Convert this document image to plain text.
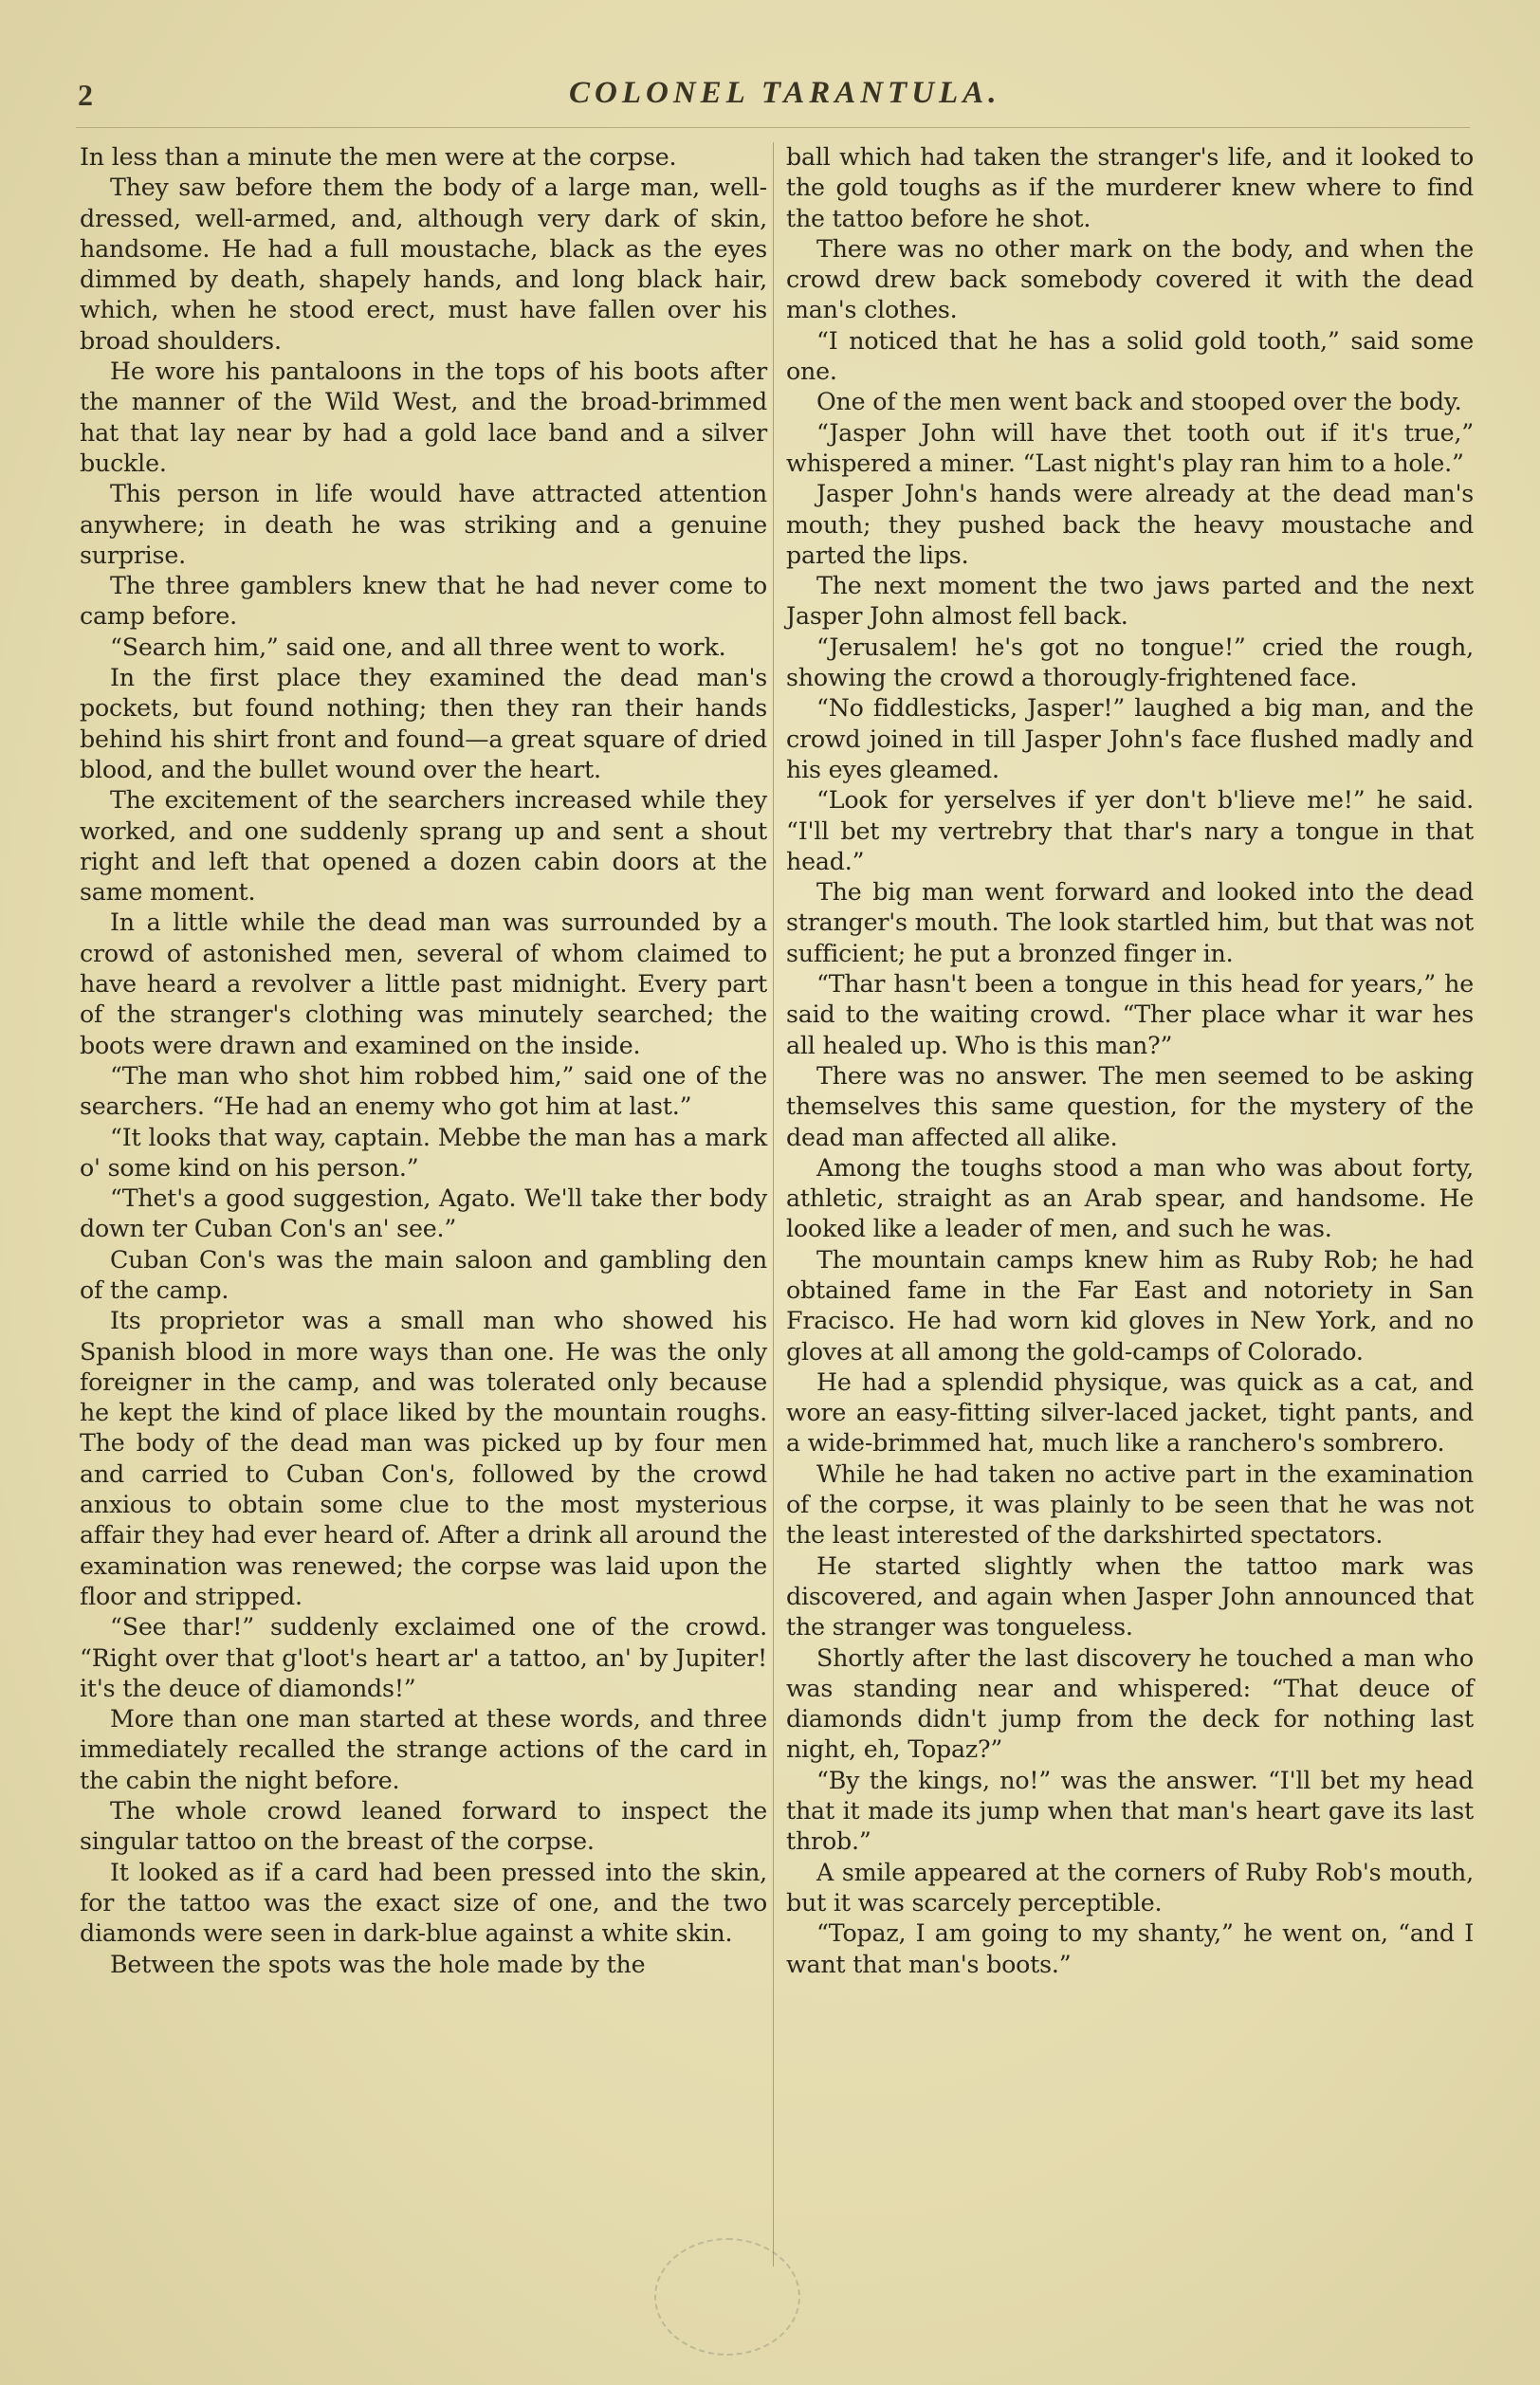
2	COLONEL TARANTULA.

In less than a minute the men were at the corpse.

They saw before them the body of a large man, well-dressed, well-armed, and, although very dark of skin, handsome. He had a full moustache, black as the eyes dimmed by death, shapely hands, and long black hair, which, when he stood erect, must have fallen over his broad shoulders.

He wore his pantaloons in the tops of his boots after the manner of the Wild West, and the broad-brimmed hat that lay near by had a gold lace band and a silver buckle.

This person in life would have attracted attention anywhere; in death he was striking and a genuine surprise.

The three gamblers knew that he had never come to camp before.

“Search him,” said one, and all three went to work.

In the first place they examined the dead man's pockets, but found nothing; then they ran their hands behind his shirt front and found—a great square of dried blood, and the bullet wound over the heart.

The excitement of the searchers increased while they worked, and one suddenly sprang up and sent a shout right and left that opened a dozen cabin doors at the same moment.

In a little while the dead man was surrounded by a crowd of astonished men, several of whom claimed to have heard a revolver a little past midnight. Every part of the stranger's clothing was minutely searched; the boots were drawn and examined on the inside.

“The man who shot him robbed him,” said one of the searchers. “He had an enemy who got him at last.”

“It looks that way, captain. Mebbe the man has a mark o' some kind on his person.”

“Thet's a good suggestion, Agato. We'll take ther body down ter Cuban Con's an' see.”

Cuban Con's was the main saloon and gambling den of the camp.

Its proprietor was a small man who showed his Spanish blood in more ways than one. He was the only foreigner in the camp, and was tolerated only because he kept the kind of place liked by the mountain roughs. The body of the dead man was picked up by four men and carried to Cuban Con's, followed by the crowd anxious to obtain some clue to the most mysterious affair they had ever heard of. After a drink all around the examination was renewed; the corpse was laid upon the floor and stripped.

“See thar!” suddenly exclaimed one of the crowd. “Right over that g'loot's heart ar' a tattoo, an' by Jupiter! it's the deuce of diamonds!”

More than one man started at these words, and three immediately recalled the strange actions of the card in the cabin the night before.

The whole crowd leaned forward to inspect the singular tattoo on the breast of the corpse.

It looked as if a card had been pressed into the skin, for the tattoo was the exact size of one, and the two diamonds were seen in dark-blue against a white skin.

Between the spots was the hole made by the

ball which had taken the stranger's life, and it looked to the gold toughs as if the murderer knew where to find the tattoo before he shot.

There was no other mark on the body, and when the crowd drew back somebody covered it with the dead man's clothes.

“I noticed that he has a solid gold tooth,” said some one.

One of the men went back and stooped over the body.

“Jasper John will have thet tooth out if it's true,” whispered a miner. “Last night's play ran him to a hole.”

Jasper John's hands were already at the dead man's mouth; they pushed back the heavy moustache and parted the lips.

The next moment the two jaws parted and the next Jasper John almost fell back.

“Jerusalem! he's got no tongue!” cried the rough, showing the crowd a thorougly-frightened face.

“No fiddlesticks, Jasper!” laughed a big man, and the crowd joined in till Jasper John's face flushed madly and his eyes gleamed.

“Look for yerselves if yer don't b'lieve me!” he said. “I'll bet my vertrebry that thar's nary a tongue in that head.”

The big man went forward and looked into the dead stranger's mouth. The look startled him, but that was not sufficient; he put a bronzed finger in.

“Thar hasn't been a tongue in this head for years,” he said to the waiting crowd. “Ther place whar it war hes all healed up. Who is this man?”

There was no answer. The men seemed to be asking themselves this same question, for the mystery of the dead man affected all alike.

Among the toughs stood a man who was about forty, athletic, straight as an Arab spear, and handsome. He looked like a leader of men, and such he was.

The mountain camps knew him as Ruby Rob; he had obtained fame in the Far East and notoriety in San Fracisco. He had worn kid gloves in New York, and no gloves at all among the gold-camps of Colorado.

He had a splendid physique, was quick as a cat, and wore an easy-fitting silver-laced jacket, tight pants, and a wide-brimmed hat, much like a ranchero's sombrero.

While he had taken no active part in the examination of the corpse, it was plainly to be seen that he was not the least interested of the darkshirted spectators.

He started slightly when the tattoo mark was discovered, and again when Jasper John announced that the stranger was tongueless.

Shortly after the last discovery he touched a man who was standing near and whispered: “That deuce of diamonds didn't jump from the deck for nothing last night, eh, Topaz?”

“By the kings, no!” was the answer. “I'll bet my head that it made its jump when that man's heart gave its last throb.”

A smile appeared at the corners of Ruby Rob's mouth, but it was scarcely perceptible.

“Topaz, I am going to my shanty,” he went on, “and I want that man's boots.”
